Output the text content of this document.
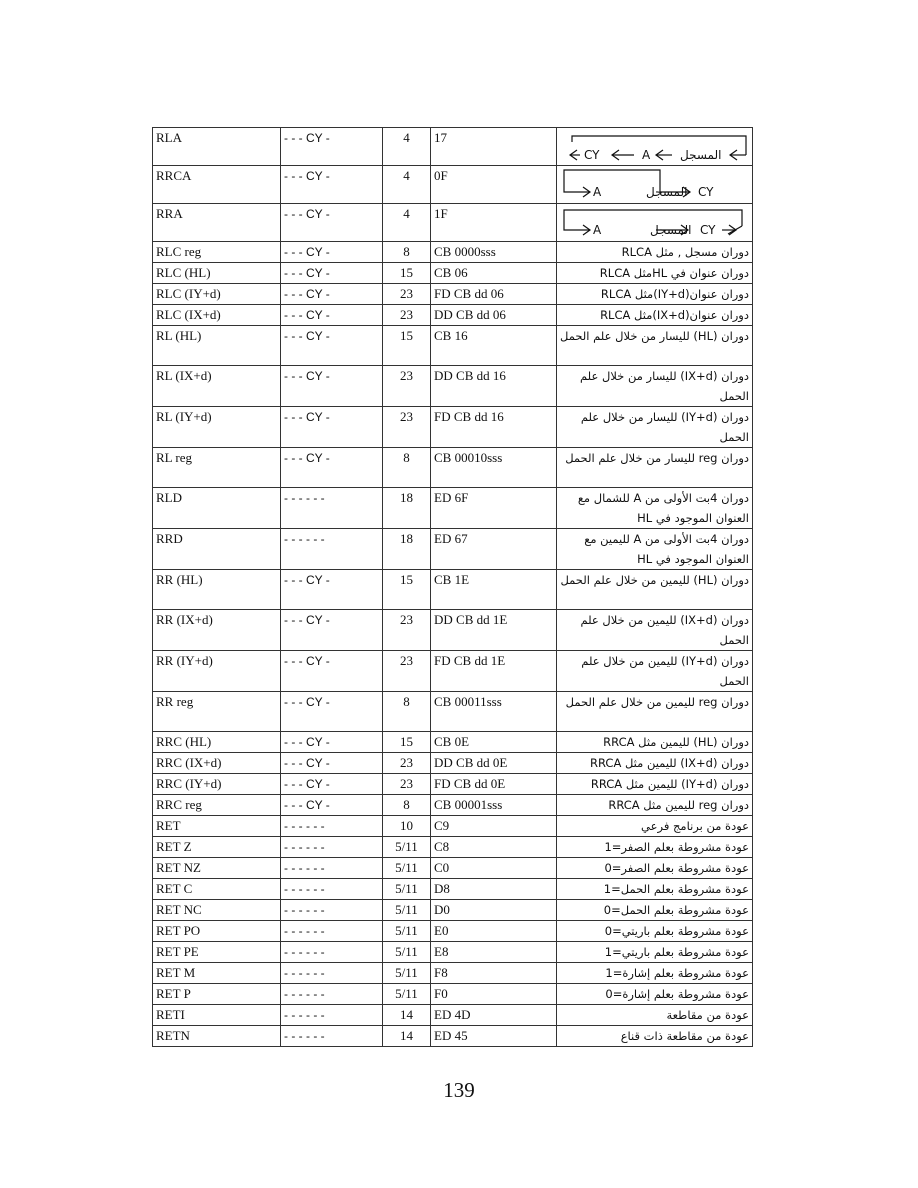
RLA	- - - CY -	4	17	المسجل
A
CY

RRCA	- - - CY -	4	0F	A المسجل CY

RRA	- - - CY -	4	1F	A المسجل CY

RLC reg	- - - CY -	8	CB 0000sss	دوران مسجل , مثل RLCA
RLC (HL)	- - - CY -	15	CB 06	دوران عنوان في HLمثل RLCA
RLC (IY+d)	- - - CY -	23	FD CB dd 06	دوران عنوان(IY+d)مثل RLCA
RLC (IX+d)	- - - CY -	23	DD CB dd 06	دوران عنوان(IX+d)مثل RLCA
RL (HL)	- - - CY -	15	CB 16	دوران (HL) لليسار من خلال علم الحمل
RL (IX+d)	- - - CY -	23	DD CB dd 16	دوران (IX+d) لليسار من خلال علم الحمل
RL (IY+d)	- - - CY -	23	FD CB dd 16	دوران (IY+d) لليسار من خلال علم الحمل
RL reg	- - - CY -	8	CB 00010sss	دوران reg لليسار من خلال علم الحمل
RLD	- - - - - -	18	ED 6F	دوران 4بت الأولى من A للشمال مع العنوان الموجود في HL
RRD	- - - - - -	18	ED 67	دوران 4بت الأولى من A لليمين مع العنوان الموجود في HL
RR (HL)	- - - CY -	15	CB 1E	دوران (HL) لليمين من خلال علم الحمل
RR (IX+d)	- - - CY -	23	DD CB dd 1E	دوران (IX+d) لليمين من خلال علم الحمل
RR (IY+d)	- - - CY -	23	FD CB dd 1E	دوران (IY+d) لليمين من خلال علم الحمل
RR reg	- - - CY -	8	CB 00011sss	دوران reg لليمين من خلال علم الحمل
RRC (HL)	- - - CY -	15	CB 0E	دوران (HL) لليمين مثل RRCA
RRC (IX+d)	- - - CY -	23	DD CB dd 0E	دوران (IX+d) لليمين مثل RRCA
RRC (IY+d)	- - - CY -	23	FD CB dd 0E	دوران (IY+d) لليمين مثل RRCA
RRC reg	- - - CY -	8	CB 00001sss	دوران reg لليمين مثل RRCA
RET	- - - - - -	10	C9	عودة من برنامج فرعي
RET Z	- - - - - -	5/11	C8	عودة مشروطة بعلم الصفر=1
RET NZ	- - - - - -	5/11	C0	عودة مشروطة بعلم الصفر=0
RET C	- - - - - -	5/11	D8	عودة مشروطة بعلم الحمل=1
RET NC	- - - - - -	5/11	D0	عودة مشروطة بعلم الحمل=0
RET PO	- - - - - -	5/11	E0	عودة مشروطة بعلم باريتي=0
RET PE	- - - - - -	5/11	E8	عودة مشروطة بعلم باريتي=1
RET M	- - - - - -	5/11	F8	عودة مشروطة بعلم إشارة=1
RET P	- - - - - -	5/11	F0	عودة مشروطة بعلم إشارة=0
RETI	- - - - - -	14	ED 4D	عودة من مقاطعة
RETN	- - - - - -	14	ED 45	عودة من مقاطعة ذات قناع
139
